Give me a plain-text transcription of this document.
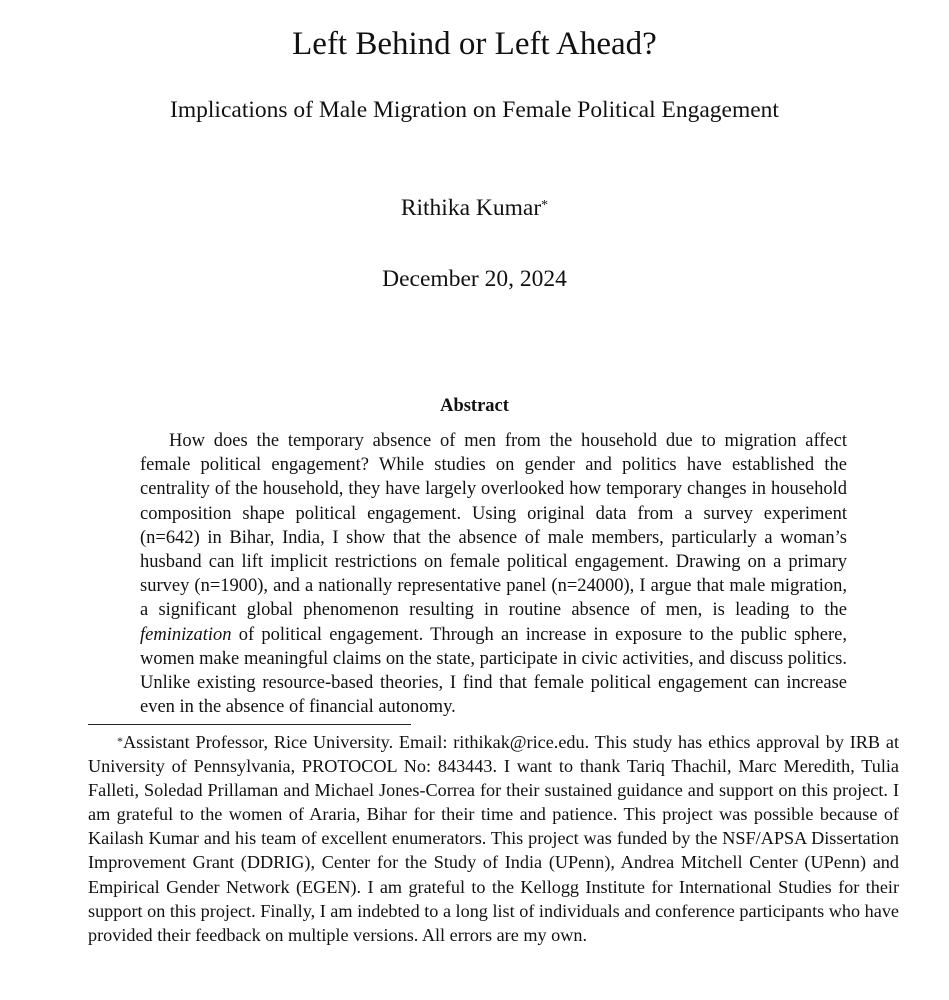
Left Behind or Left Ahead?
Implications of Male Migration on Female Political Engagement
Rithika Kumar*
December 20, 2024
Abstract

How does the temporary absence of men from the household due to migration affect female political engagement? While studies on gender and politics have established the centrality of the household, they have largely overlooked how temporary changes in household composition shape political engagement. Using original data from a survey experiment (n=642) in Bihar, India, I show that the absence of male members, particularly a woman’s husband can lift implicit restrictions on female political engagement. Drawing on a primary survey (n=1900), and a nationally representative panel (n=24000), I argue that male migration, a significant global phenomenon resulting in routine absence of men, is leading to the feminization of political engagement. Through an increase in exposure to the public sphere, women make meaningful claims on the state, participate in civic activities, and discuss politics. Unlike existing resource-based theories, I find that female political engagement can increase even in the absence of financial autonomy.

*Assistant Professor, Rice University. Email: rithikak@rice.edu. This study has ethics approval by IRB at University of Pennsylvania, PROTOCOL No: 843443. I want to thank Tariq Thachil, Marc Meredith, Tulia Falleti, Soledad Prillaman and Michael Jones-Correa for their sustained guidance and support on this project. I am grateful to the women of Araria, Bihar for their time and patience. This project was possible because of Kailash Kumar and his team of excellent enumerators. This project was funded by the NSF/APSA Dissertation Improvement Grant (DDRIG), Center for the Study of India (UPenn), Andrea Mitchell Center (UPenn) and Empirical Gender Network (EGEN). I am grateful to the Kellogg Institute for International Studies for their support on this project. Finally, I am indebted to a long list of individuals and conference participants who have provided their feedback on multiple versions. All errors are my own.
